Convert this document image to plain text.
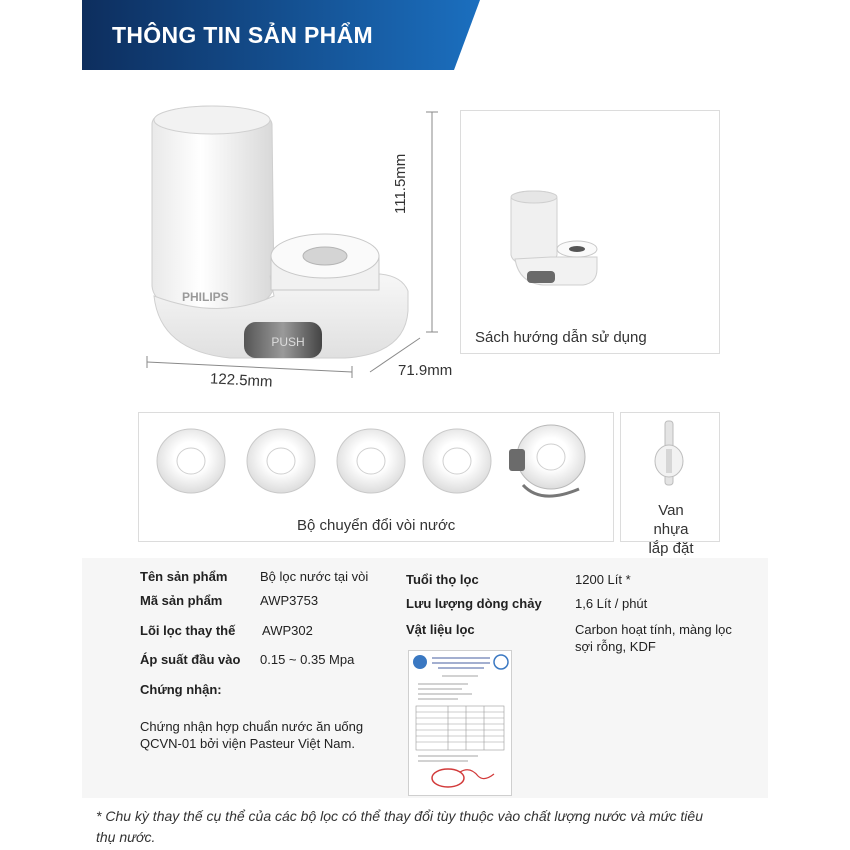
THÔNG TIN SẢN PHẨM
PUSH
PHILIPS
111.5mm
122.5mm	71.9mm
Sách hướng dẫn sử dụng
Bộ chuyển đổi vòi nước
Van nhựa
lắp đặt
Tên sản phẩm	Bộ lọc nước tại vòi
Mã sản phẩm	AWP3753
Lõi lọc thay thế AWP302
Áp suất đầu vào 0.15 ~ 0.35 Mpa
Chứng nhận:
Chứng nhận hợp chuẩn nước ăn uống
QCVN-01 bởi viện Pasteur Việt Nam.
Tuổi thọ lọc	1200 Lít *
Lưu lượng dòng chảy	1,6 Lít / phút
Vật liệu lọc	Carbon hoạt tính, màng lọc
sợi rỗng, KDF
* Chu kỳ thay thế cụ thể của các bộ lọc có thể thay đổi tùy thuộc vào chất lượng nước và mức tiêu
thụ nước.
